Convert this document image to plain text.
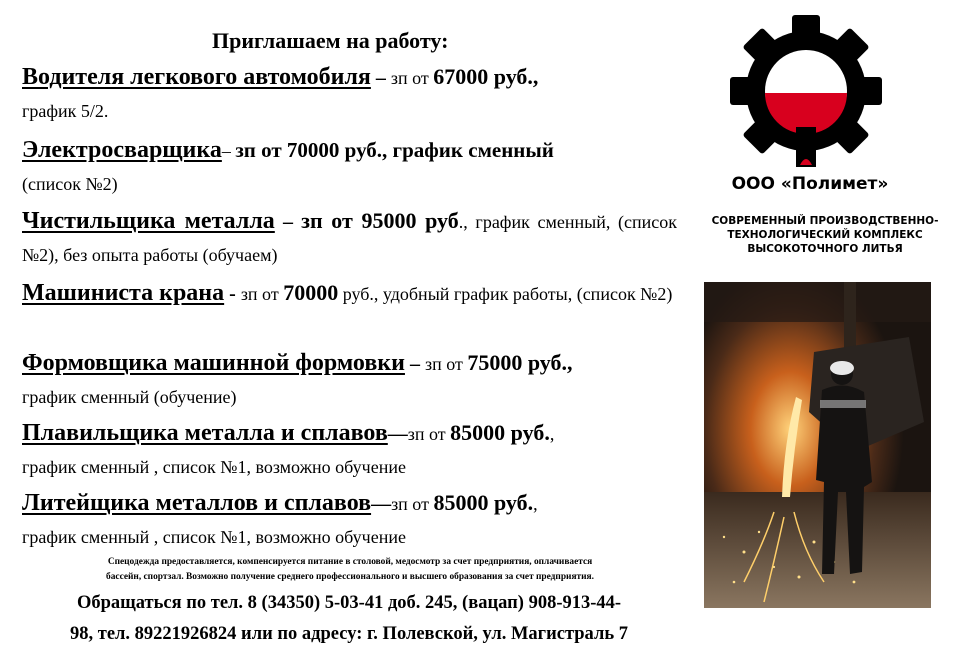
Приглашаем на работу:
Водителя легкового автомобиля – зп от 67000 руб.,
график 5/2.
Электросварщика– зп от 70000 руб., график сменный
(список №2)
Чистильщика металла – зп от 95000 руб., график сменный, (список №2), без опыта работы (обучаем)
Машиниста крана - зп от 70000 руб., удобный график работы, (список №2)
Формовщика машинной формовки – зп от 75000 руб.,
график сменный (обучение)
Плавильщика металла и сплавов—зп от 85000 руб.,
график сменный , список №1, возможно обучение
Литейщика металлов и сплавов—зп от 85000 руб.,
график сменный , список №1, возможно обучение
Спецодежда предоставляется, компенсируется питание в столовой, медосмотр за счет предприятия, оплачивается
бассейн, спортзал. Возможно получение среднего профессионального и высшего образования за счет предприятия.
Обращаться по тел. 8 (34350) 5-03-41 доб. 245, (вацап) 908-913-44-
98, тел. 89221926824 или по адресу: г. Полевской, ул. Магистраль 7
ООО «Полимет»
СОВРЕМЕННЫЙ ПРОИЗВОДСТВЕННО-
ТЕХНОЛОГИЧЕСКИЙ КОМПЛЕКС
ВЫСОКОТОЧНОГО ЛИТЬЯ
